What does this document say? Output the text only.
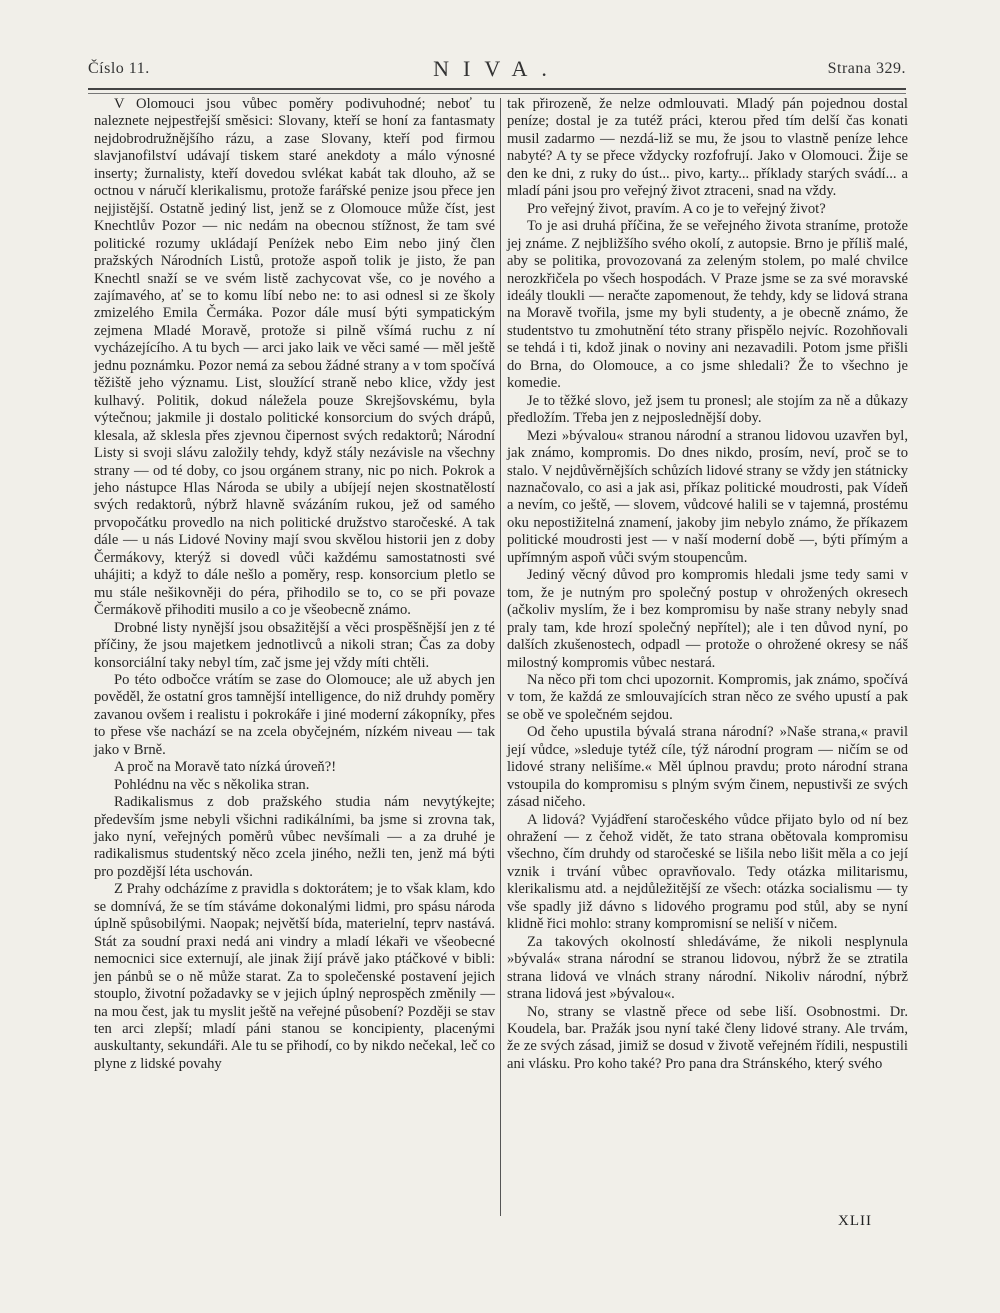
Číslo 11.	NIVA.	Strana 329.

V Olomouci jsou vůbec poměry podivuhodné; neboť tu naleznete nejpestřejší směsici: Slovany, kteří se honí za fantasmaty nejdobrodružnějšího rázu, a zase Slovany, kteří pod firmou slavjanofilství udávají tiskem staré anekdoty a málo výnosné inserty; žurnalisty, kteří dovedou svlékat kabát tak dlouho, až se octnou v náručí klerikalismu, protože farářské penize jsou přece jen nejjistější. Ostatně jediný list, jenž se z Olomouce může číst, jest Knechtlův Pozor — nic nedám na obecnou stížnost, že tam své politické rozumy ukládají Peníżek nebo Eim nebo jiný člen pražských Národních Listů, protože aspoň tolik je jisto, že pan Knechtl snaží se ve svém listě zachycovat vše, co je nového a zajímavého, ať se to komu líbí nebo ne: to asi odnesl si ze školy zmizelého Emila Čermáka. Pozor dále musí býti sympatickým zejmena Mladé Moravě, protože si pilně všímá ruchu z ní vycházejícího. A tu bych — arci jako laik ve věci samé — měl ještě jednu poznámku. Pozor nemá za sebou žádné strany a v tom spočívá těžiště jeho významu. List, sloužící straně nebo klice, vždy jest kulhavý. Politik, dokud náležela pouze Skrejšovskému, byla výtečnou; jakmile ji dostalo politické konsorcium do svých drápů, klesala, až sklesla přes zjevnou čipernost svých redaktorů; Národní Listy si svoji slávu založily tehdy, když stály nezávisle na všechny strany — od té doby, co jsou orgánem strany, nic po nich. Pokrok a jeho nástupce Hlas Národa se ubily a ubíjejí nejen skostnatělostí svých redaktorů, nýbrž hlavně svázáním rukou, jež od samého prvopočátku provedlo na nich politické družstvo staročeské. A tak dále — u nás Lidové Noviny mají svou skvělou historii jen z doby Čermákovy, kterýž si dovedl vůči každému samostatnosti své uhájiti; a když to dále nešlo a poměry, resp. konsorcium pletlo se mu stále nešikovněji do péra, přihodilo se to, co se při povaze Čermákově přihoditi musilo a co je všeobecně známo.

Drobné listy nynější jsou obsažitější a věci prospěšnější jen z té příčiny, že jsou majetkem jednotlivců a nikoli stran; Čas za doby konsorciální taky nebyl tím, zač jsme jej vždy míti chtěli.

Po této odbočce vrátím se zase do Olomouce; ale už abych jen pověděl, že ostatní gros tamnější intelligence, do niž druhdy poměry zavanou ovšem i realistu i pokrokáře i jiné moderní zákopníky, přes to přese vše nachází se na zcela obyčejném, nízkém niveau — tak jako v Brně.

A proč na Moravě tato nízká úroveň?!

Pohlédnu na věc s několika stran.

Radikalismus z dob pražského studia nám nevytýkejte; především jsme nebyli všichni radikálními, ba jsme si zrovna tak, jako nyní, veřejných poměrů vůbec nevšímali — a za druhé je radikalismus studentský něco zcela jiného, nežli ten, jenž má býti pro pozdější léta uschován.

Z Prahy odcházíme z pravidla s doktorátem; je to však klam, kdo se domnívá, že se tím stáváme dokonalými lidmi, pro spásu národa úplně spůsobilými. Naopak; největší bída, materielní, teprv nastává. Stát za soudní praxi nedá ani vindry a mladí lékaři ve všeobecné nemocnici sice externují, ale jinak žijí právě jako ptáčkové v bibli: jen pánbů se o ně může starat. Za to společenské postavení jejich stouplo, životní požadavky se v jejich úplný neprospěch změnily — na mou čest, jak tu myslit ještě na veřejné působení? Později se stav ten arci zlepší; mladí páni stanou se koncipienty, placenými auskultanty, sekundáři. Ale tu se přihodí, co by nikdo nečekal, leč co plyne z lidské povahy

tak přirozeně, že nelze odmlouvati. Mladý pán pojednou dostal peníze; dostal je za tutéž práci, kterou před tím delší čas konati musil zadarmo — nezdá-liž se mu, že jsou to vlastně peníze lehce nabyté? A ty se přece vždycky rozfofrují. Jako v Olomouci. Žije se den ke dni, z ruky do úst... pivo, karty... příklady starých svádí... a mladí páni jsou pro veřejný život ztraceni, snad na vždy.

Pro veřejný život, pravím. A co je to veřejný život?

To je asi druhá příčina, že se veřejného života straníme, protože jej známe. Z nejbližšího svého okolí, z autopsie. Brno je příliš malé, aby se politika, provozovaná za zeleným stolem, po malé chvilce nerozkřičela po všech hospodách. V Praze jsme se za své moravské ideály tloukli — neračte zapomenout, že tehdy, kdy se lidová strana na Moravě tvořila, jsme my byli studenty, a je obecně známo, že studentstvo tu zmohutnění této strany přispělo nejvíc. Rozohňovali se tehdá i ti, kdož jinak o noviny ani nezavadili. Potom jsme přišli do Brna, do Olomouce, a co jsme shledali? Že to všechno je komedie.

Je to těžké slovo, jež jsem tu pronesl; ale stojím za ně a důkazy předložím. Třeba jen z nejposlednější doby.

Mezi »bývalou« stranou národní a stranou lidovou uzavřen byl, jak známo, kompromis. Do dnes nikdo, prosím, neví, proč se to stalo. V nejdůvěrnějších schůzích lidové strany se vždy jen státnicky naznačovalo, co asi a jak asi, příkaz politické moudrosti, pak Vídeň a nevím, co ještě, — slovem, vůdcové halili se v tajemná, prostému oku nepostižitelná znamení, jakoby jim nebylo známo, že příkazem politické moudrosti jest — v naší moderní době —, býti přímým a upřímným aspoň vůči svým stoupencům.

Jediný věcný důvod pro kompromis hledali jsme tedy sami v tom, že je nutným pro společný postup v ohrožených okresech (ačkoliv myslím, že i bez kompromisu by naše strany nebyly snad praly tam, kde hrozí společný nepřítel); ale i ten důvod nyní, po dalších zkušenostech, odpadl — protože o ohrožené okresy se náš milostný kompromis vůbec nestará.

Na něco při tom chci upozornit. Kompromis, jak známo, spočívá v tom, že každá ze smlouvajících stran něco ze svého upustí a pak se obě ve společném sejdou.

Od čeho upustila bývalá strana národní? »Naše strana,« pravil její vůdce, »sleduje tytéž cíle, týž národní program — ničím se od lidové strany nelišíme.« Měl úplnou pravdu; proto národní strana vstoupila do kompromisu s plným svým činem, nepustivši ze svých zásad ničeho.

A lidová? Vyjádření staročeského vůdce přijato bylo od ní bez ohražení — z čehož vidět, že tato strana obětovala kompromisu všechno, čím druhdy od staročeské se lišila nebo lišit měla a co její vznik i trvání vůbec opravňovalo. Tedy otázka militarismu, klerikalismu atd. a nejdůležitější ze všech: otázka socialismu — ty vše spadly již dávno s lidového programu pod stůl, aby se nyní klidně řici mohlo: strany kompromisní se neliší v ničem.

Za takových okolností shledáváme, že nikoli nesplynula »bývalá« strana národní se stranou lidovou, nýbrž že se ztratila strana lidová ve vlnách strany národní. Nikoliv národní, nýbrž strana lidová jest »bývalou«.

No, strany se vlastně přece od sebe liší. Osobnostmi. Dr. Koudela, bar. Pražák jsou nyní také členy lidové strany. Ale trvám, že ze svých zásad, jimiž se dosud v životě veřejném řídili, nespustili ani vlásku. Pro koho také? Pro pana dra Stránského, který svého

XLII
